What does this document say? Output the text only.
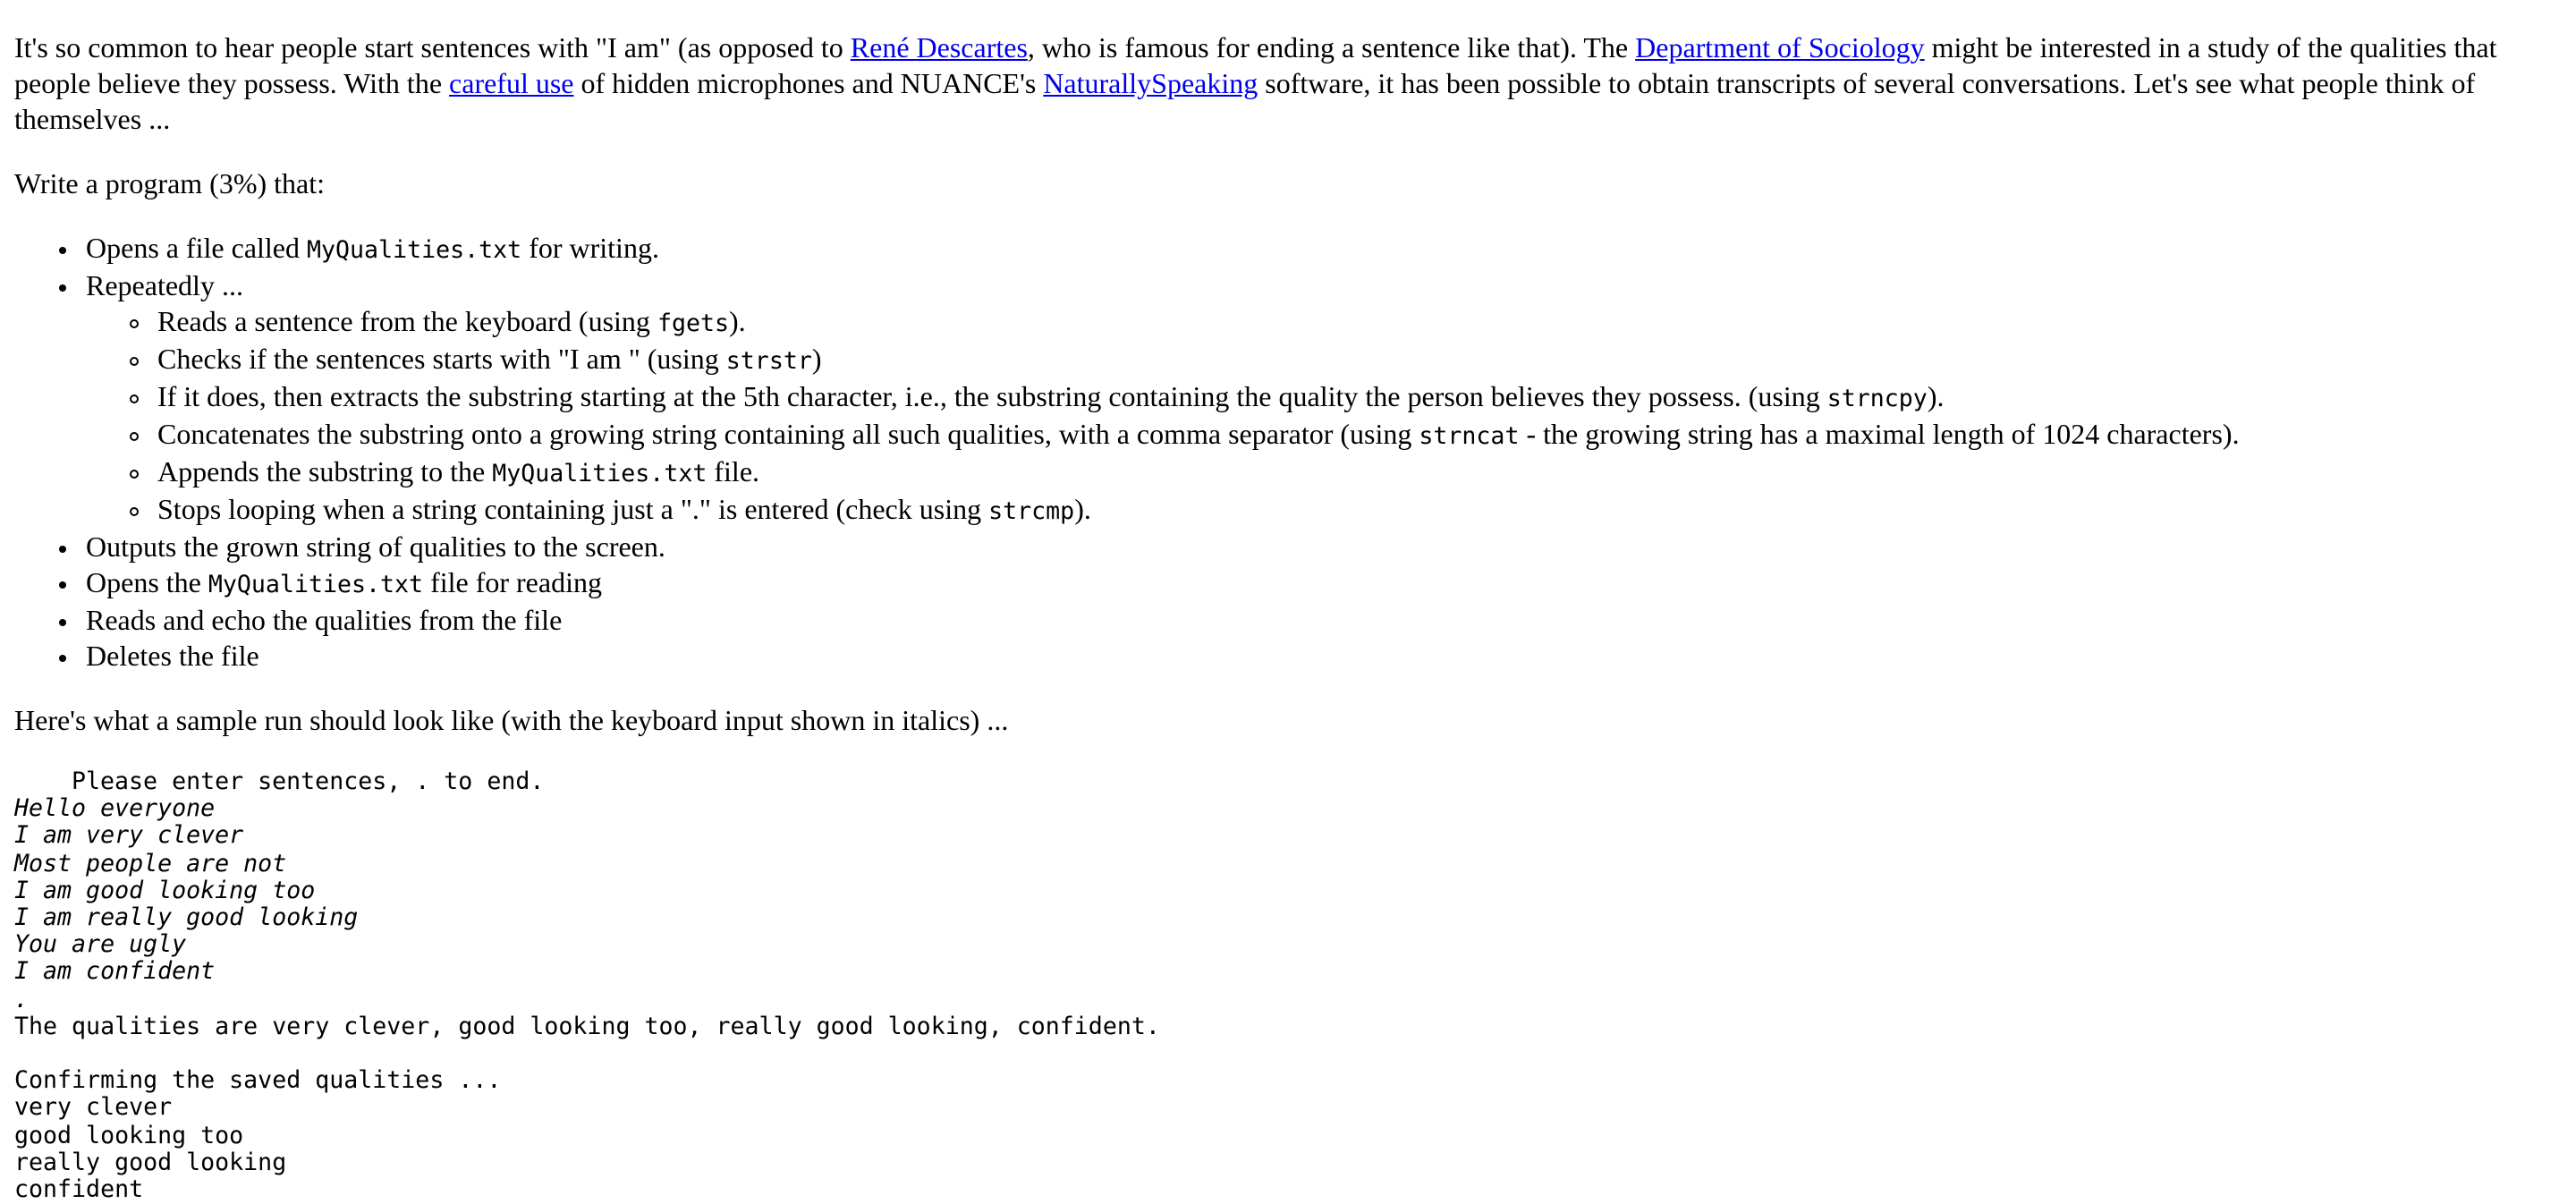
It's so common to hear people start sentences with "I am" (as opposed to René Descartes, who is famous for ending a sentence like that). The Department of Sociology might be interested in a study of the qualities that people believe they possess. With the careful use of hidden microphones and NUANCE's NaturallySpeaking software, it has been possible to obtain transcripts of several conversations. Let's see what people think of themselves ...

Write a program (3%) that:

• Opens a file called MyQualities.txt for writing.
• Repeatedly ...
◦ Reads a sentence from the keyboard (using fgets).
◦ Checks if the sentences starts with "I am " (using strstr)
◦ If it does, then extracts the substring starting at the 5th character, i.e., the substring containing the quality the person believes they possess. (using strncpy).
◦ Concatenates the substring onto a growing string containing all such qualities, with a comma separator (using strncat - the growing string has a maximal length of 1024 characters).
◦ Appends the substring to the MyQualities.txt file.
◦ Stops looping when a string containing just a "." is entered (check using strcmp).
• Outputs the grown string of qualities to the screen.
• Opens the MyQualities.txt file for reading
• Reads and echo the qualities from the file
• Deletes the file

Here's what a sample run should look like (with the keyboard input shown in italics) ...

Please enter sentences, . to end.
Hello everyone
I am very clever
Most people are not
I am good looking too
I am really good looking
You are ugly
I am confident
.
The qualities are very clever, good looking too, really good looking, confident.
Confirming the saved qualities ...
very clever
good looking too
really good looking
confident
